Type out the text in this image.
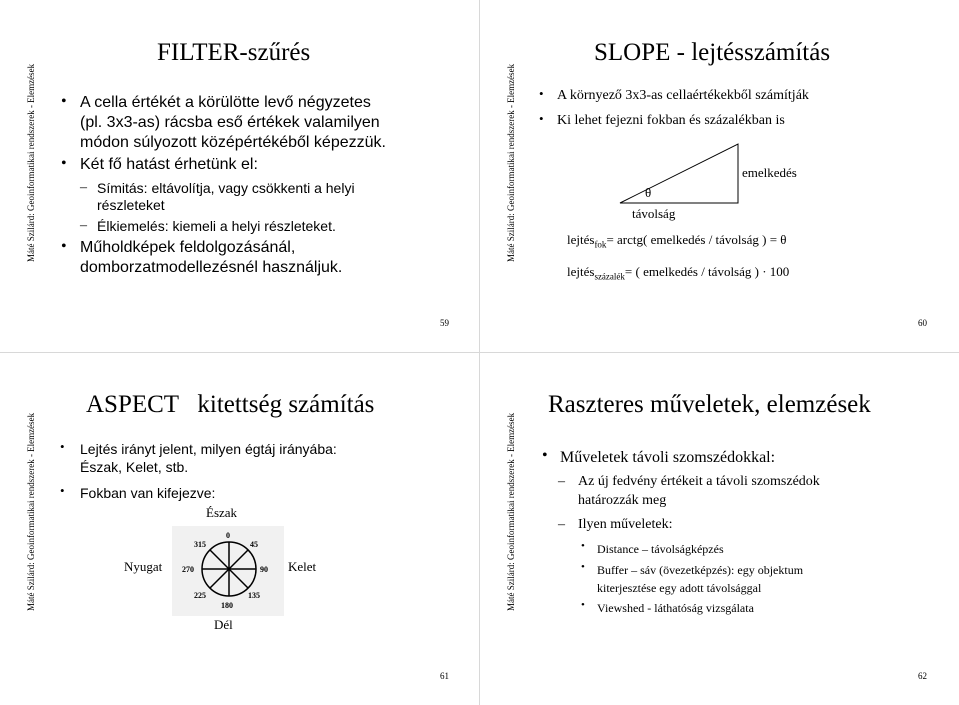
Máté Szilárd: Geoinformatikai rendszerek - Elemzések
FILTER-szűrés
• A cella értékét a körülötte levő négyzetes
(pl. 3x3-as) rácsba eső értékek valamilyen
módon súlyozott középértékéből képezzük.
• Két fő hatást érhetünk el:
– Símitás: eltávolítja, vagy csökkenti a helyi
részleteket
– Élkiemelés: kiemeli a helyi részleteket.
• Műholdképek feldolgozásánál,
domborzatmodellezésnél használjuk.
59
Máté Szilárd: Geoinformatikai rendszerek - Elemzések
SLOPE - lejtésszámítás
• A környező 3x3-as cellaértékekből számítják
• Ki lehet fejezni fokban és százalékban is
θ
emelkedés
távolság
lejtés$_{fok}$= arctg( emelkedés / távolság ) = θ
lejtés$_{százalék}$= ( emelkedés / távolság ) · 100
60
Máté Szilárd: Geoinformatikai rendszerek - Elemzések
ASPECT   kitettség számítás
• Lejtés irányt jelent, milyen égtáj irányába:
Észak, Kelet, stb.
• Fokban van kifejezve:
Észak
Nyugat	Kelet
Dél
0
45
90
135
180
225
270
315
61
Máté Szilárd: Geoinformatikai rendszerek - Elemzések
Raszteres műveletek, elemzések
• Műveletek távoli szomszédokkal:
– Az új fedvény értékeit a távoli szomszédok
határozzák meg
– Ilyen műveletek:
• Distance – távolságképzés
• Buffer – sáv (övezetképzés): egy objektum
kiterjesztése egy adott távolsággal
• Viewshed - láthatóság vizsgálata
62
